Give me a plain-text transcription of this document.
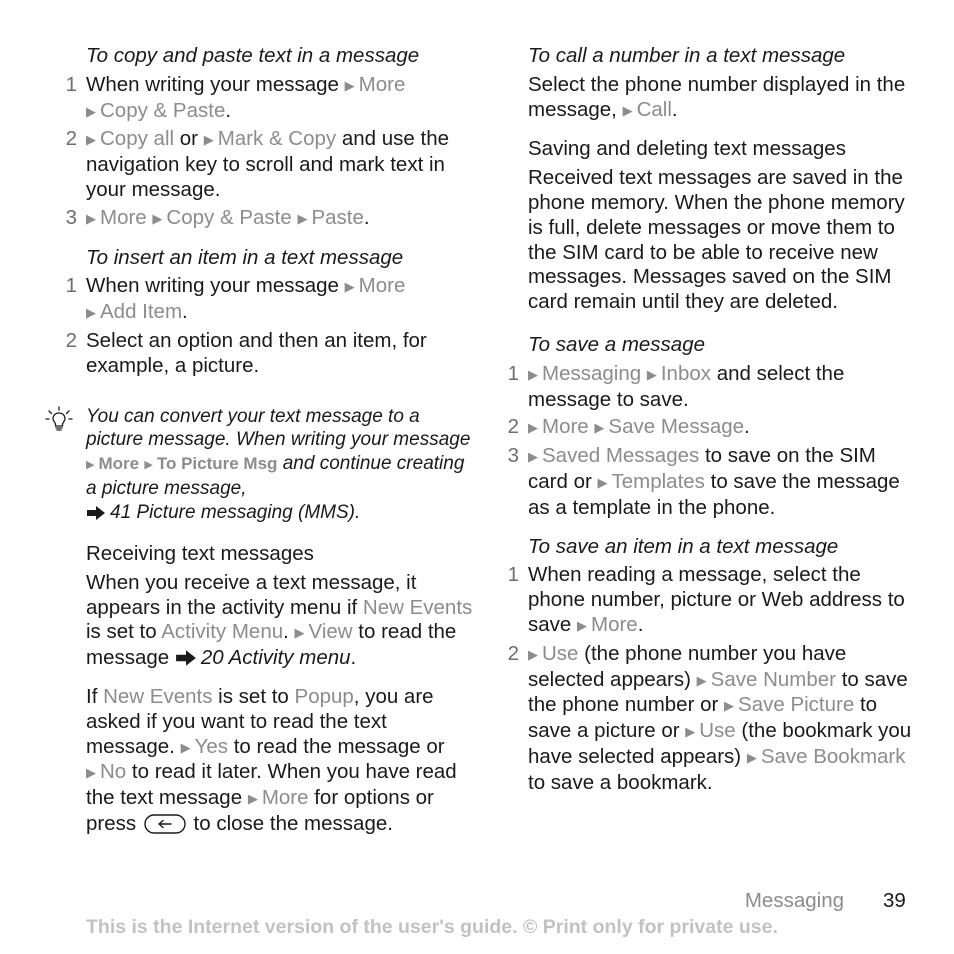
To copy and paste text in a message
1 When writing your message ▶ More
▶ Copy & Paste.
2 ▶ Copy all or ▶ Mark & Copy and use the navigation key to scroll and mark text in your message.
3 ▶ More ▶ Copy & Paste ▶ Paste.
To insert an item in a text message
1 When writing your message ▶ More
▶ Add Item.
2 Select an option and then an item, for example, a picture.
You can convert your text message to a picture message. When writing your message ▶ More ▶ To Picture Msg and continue creating a picture message,
41 Picture messaging (MMS).
Receiving text messages
When you receive a text message, it appears in the activity menu if New Events is set to Activity Menu. ▶ View to read the message 20 Activity menu.
If New Events is set to Popup, you are asked if you want to read the text message. ▶ Yes to read the message or ▶ No to read it later. When you have read the text message ▶ More for options or press  to close the message.
To call a number in a text message
Select the phone number displayed in the message, ▶ Call.
Saving and deleting text messages
Received text messages are saved in the phone memory. When the phone memory is full, delete messages or move them to the SIM card to be able to receive new messages. Messages saved on the SIM card remain until they are deleted.
To save a message
1 ▶ Messaging ▶ Inbox and select the message to save.
2 ▶ More ▶ Save Message.
3 ▶ Saved Messages to save on the SIM card or ▶ Templates to save the message as a template in the phone.
To save an item in a text message
1 When reading a message, select the phone number, picture or Web address to save ▶ More.
2 ▶ Use (the phone number you have selected appears) ▶ Save Number to save the phone number or ▶ Save Picture to save a picture or ▶ Use (the bookmark you have selected appears) ▶ Save Bookmark to save a bookmark.
Messaging 39
This is the Internet version of the user's guide. © Print only for private use.
